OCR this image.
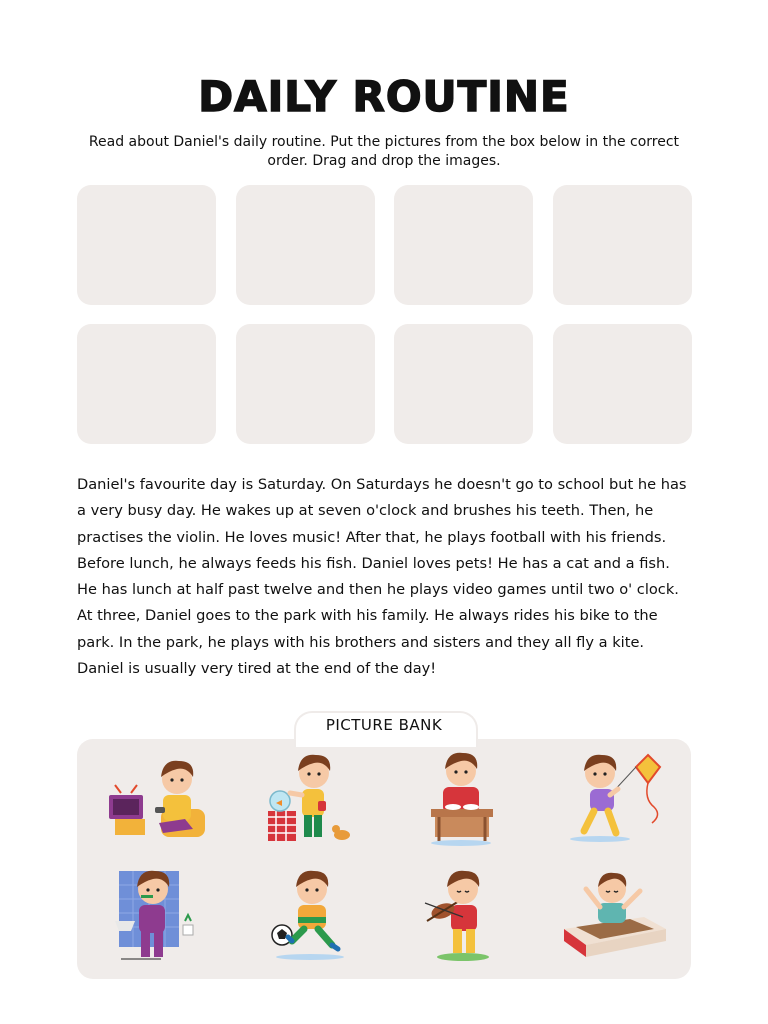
DAILY ROUTINE
Read about Daniel's daily routine. Put the pictures from the box below in the correct order. Drag and drop the images.
Daniel's favourite day is Saturday. On Saturdays he doesn't go to school but he has a very busy day. He wakes up at seven o'clock and brushes his teeth. Then, he practises the violin. He loves music! After that, he plays football with his friends. Before lunch, he always feeds his fish. Daniel loves pets! He has a cat and a fish. He has lunch at half past twelve and then he plays video games until two o' clock. At three, Daniel goes to the park with his family. He always rides his bike to the park. In the park, he plays with his brothers and sisters and they all fly a kite. Daniel is usually very tired at the end of the day!
PICTURE BANK
